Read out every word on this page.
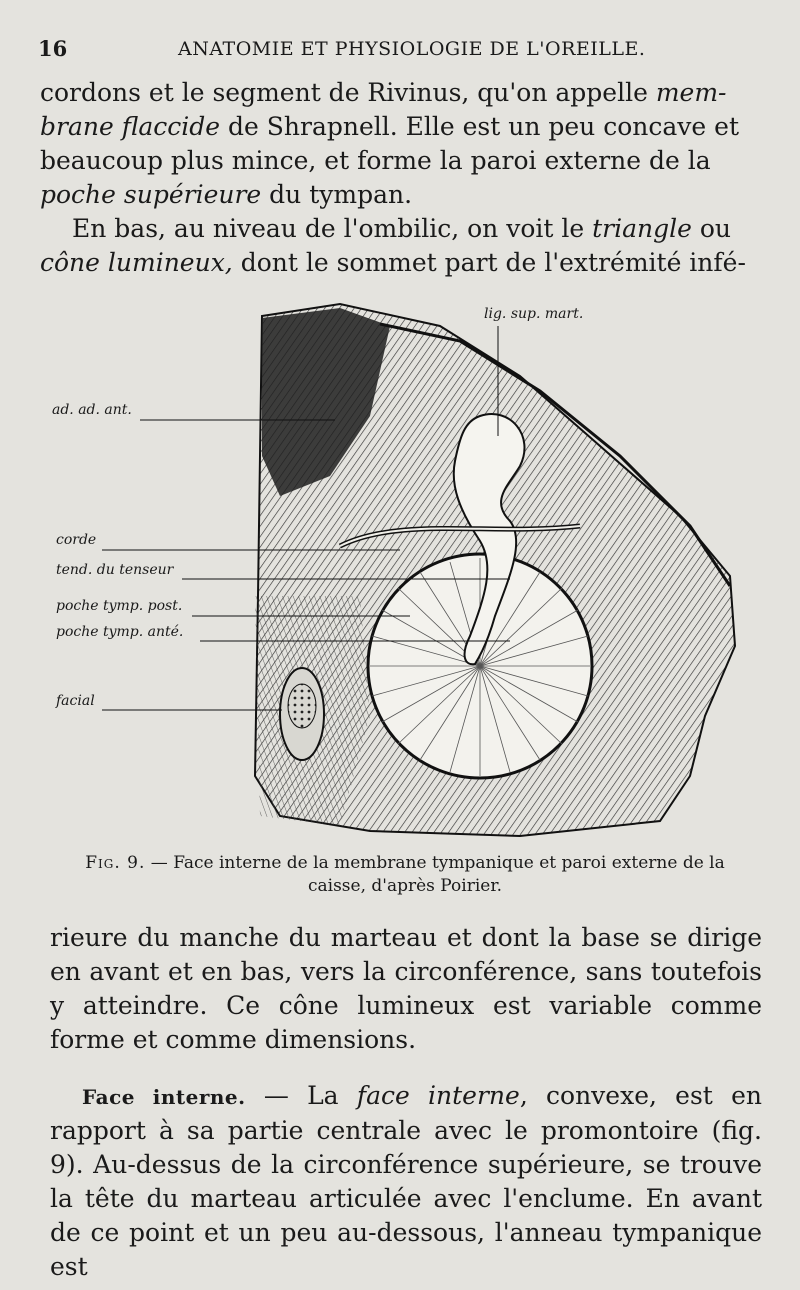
16	ANATOMIE ET PHYSIOLOGIE DE L'OREILLE.

cordons et le segment de Rivinus, qu'on appelle mem-

brane flaccide de Shrapnell. Elle est un peu concave et

beaucoup plus mince, et forme la paroi externe de la

poche supérieure du tympan.

En bas, au niveau de l'ombilic, on voit le triangle ou

cône lumineux, dont le sommet part de l'extrémité infé-

lig. sup. mart.
ad. ad. ant.
corde
tend. du tenseur
poche tymp. post.
poche tymp. anté.
facial
Fig. 9. — Face interne de la membrane tympanique et paroi externe de la caisse, d'après Poirier.

rieure du manche du marteau et dont la base se dirige en avant et en bas, vers la circonférence, sans toutefois y atteindre. Ce cône lumineux est variable comme forme et comme dimensions.

Face interne. — La face interne, convexe, est en rapport à sa partie centrale avec le promontoire (fig. 9). Au-dessus de la circonférence supérieure, se trouve la tête du marteau articulée avec l'enclume. En avant de ce point et un peu au-dessous, l'anneau tympanique est
